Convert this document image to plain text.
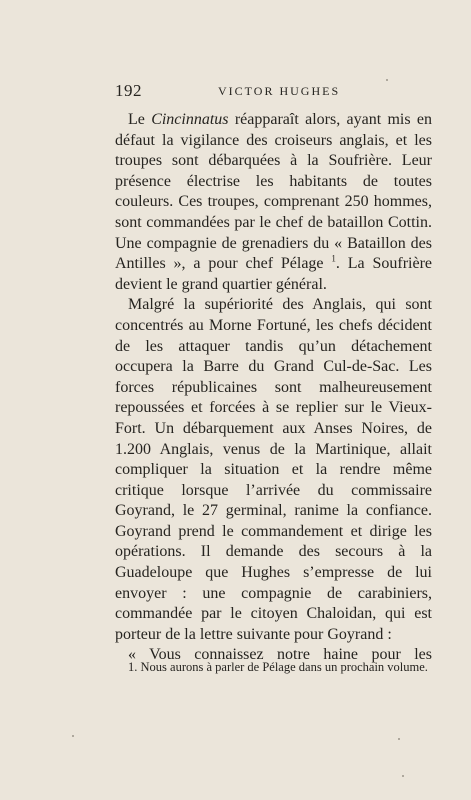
192	VICTOR HUGHES

Le Cincinnatus réapparaît alors, ayant mis en défaut la vigilance des croiseurs anglais, et les troupes sont débarquées à la Soufrière. Leur présence électrise les habitants de toutes couleurs. Ces troupes, comprenant 250 hommes, sont commandées par le chef de bataillon Cottin. Une compagnie de grenadiers du « Bataillon des Antilles », a pour chef Pélage $^1$. La Soufrière devient le grand quartier général.

Malgré la supériorité des Anglais, qui sont concentrés au Morne Fortuné, les chefs décident de les attaquer tandis qu’un détachement occupera la Barre du Grand Cul-de-Sac. Les forces républicaines sont malheureusement repoussées et forcées à se replier sur le Vieux-Fort. Un débarquement aux Anses Noires, de 1.200 Anglais, venus de la Martinique, allait compliquer la situation et la rendre même critique lorsque l’arrivée du commissaire Goyrand, le 27 germinal, ranime la confiance. Goyrand prend le commandement et dirige les opérations. Il demande des secours à la Guadeloupe que Hughes s’empresse de lui envoyer : une compagnie de carabiniers, commandée par le citoyen Chaloidan, qui est porteur de la lettre suivante pour Goyrand :

« Vous connaissez notre haine pour les

1. Nous aurons à parler de Pélage dans un prochain volume.
